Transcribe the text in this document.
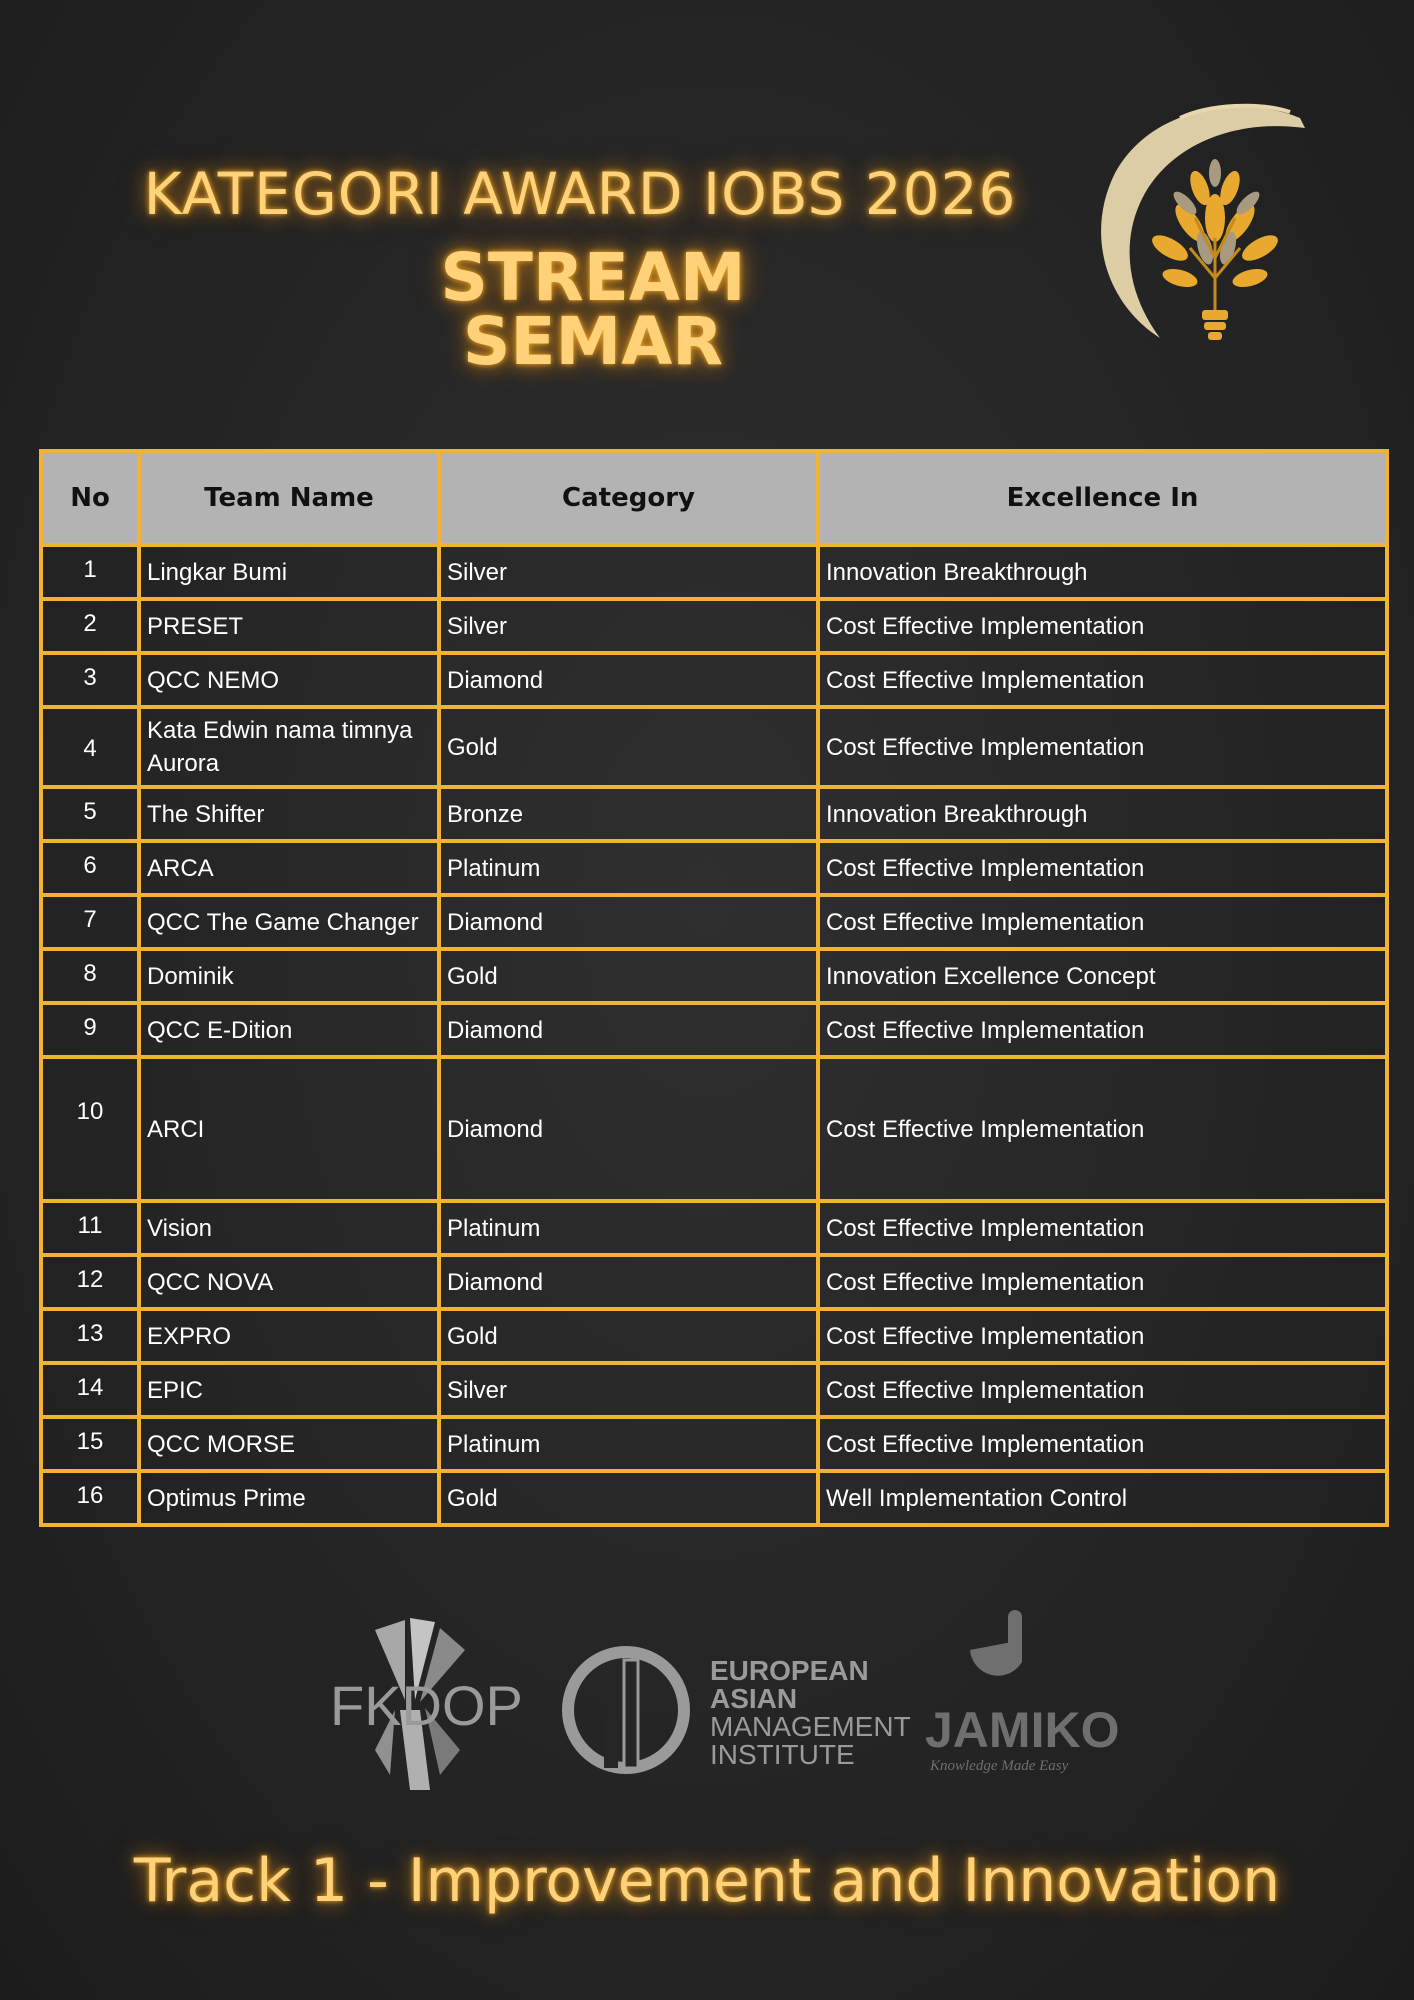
KATEGORI AWARD IOBS 2026
STREAM
SEMAR
No	Team Name	Category	Excellence In
1	Lingkar Bumi	Silver	Innovation Breakthrough
2	PRESET	Silver	Cost Effective Implementation
3	QCC NEMO	Diamond	Cost Effective Implementation
4	Kata Edwin nama timnya Aurora	Gold	Cost Effective Implementation
5	The Shifter	Bronze	Innovation Breakthrough
6	ARCA	Platinum	Cost Effective Implementation
7	QCC The Game Changer	Diamond	Cost Effective Implementation
8	Dominik	Gold	Innovation Excellence Concept
9	QCC E-Dition	Diamond	Cost Effective Implementation
10	ARCI	Diamond	Cost Effective Implementation
11	Vision	Platinum	Cost Effective Implementation
12	QCC NOVA	Diamond	Cost Effective Implementation
13	EXPRO	Gold	Cost Effective Implementation
14	EPIC	Silver	Cost Effective Implementation
15	QCC MORSE	Platinum	Cost Effective Implementation
16	Optimus Prime	Gold	Well Implementation Control
FKDOP
EUROPEAN
ASIAN
MANAGEMENT
INSTITUTE JAMIKO
Knowledge Made Easy
Track 1 - Improvement and Innovation
